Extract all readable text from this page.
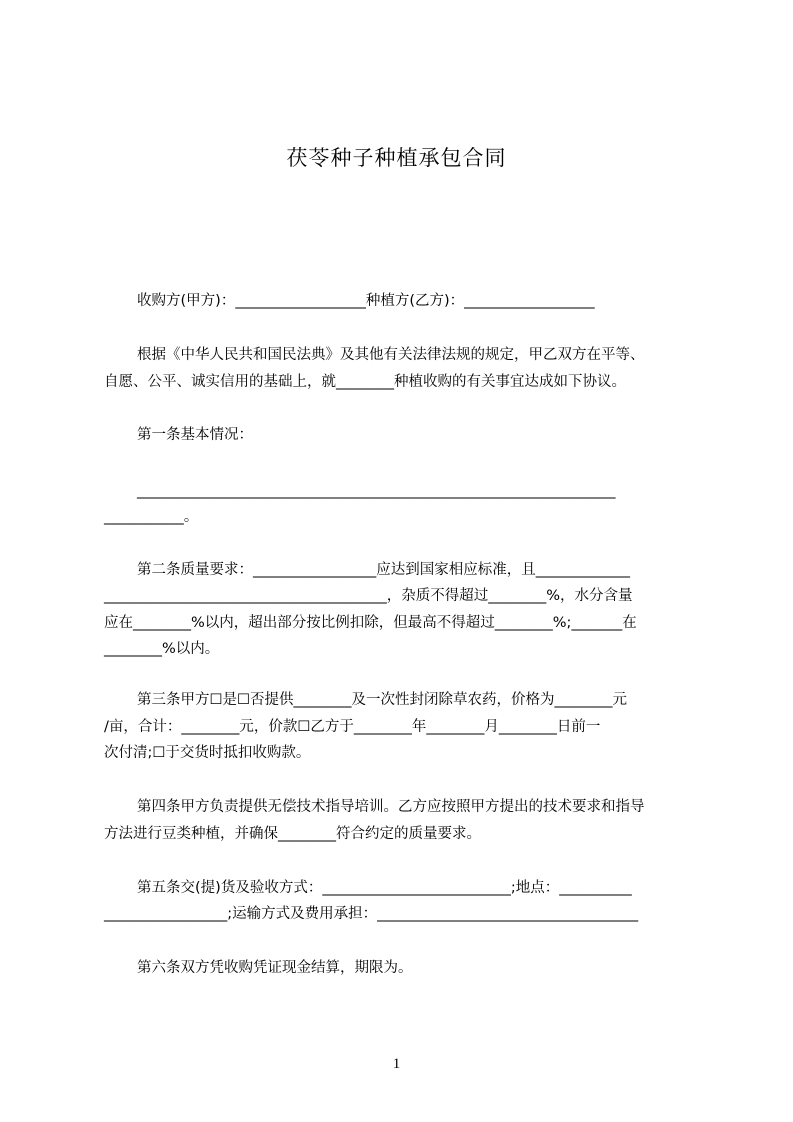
茯苓种子种植承包合同
收购方(甲方)：__________________种植方(乙方)：__________________
根据《中华人民共和国民法典》及其他有关法律法规的规定，甲乙双方在平等、
自愿、公平、诚实信用的基础上，就________种植收购的有关事宜达成如下协议。
第一条基本情况：
__________________________________________________________________
___________。
第二条质量要求：_________________应达到国家相应标准，且_____________
_______________________________________，杂质不得超过________%，水分含量
应在________%以内，超出部分按比例扣除，但最高不得超过________%;_______在
________%以内。
第三条甲方☐是☐否提供________及一次性封闭除草农药，价格为________元
/亩，合计：________元，价款☐乙方于________年________月________日前一
次付清;☐于交货时抵扣收购款。
第四条甲方负责提供无偿技术指导培训。乙方应按照甲方提出的技术要求和指导
方法进行豆类种植，并确保________符合约定的质量要求。
第五条交(提)货及验收方式：__________________________;地点：__________
_________________;运输方式及费用承担：____________________________________
第六条双方凭收购凭证现金结算，期限为。
1
